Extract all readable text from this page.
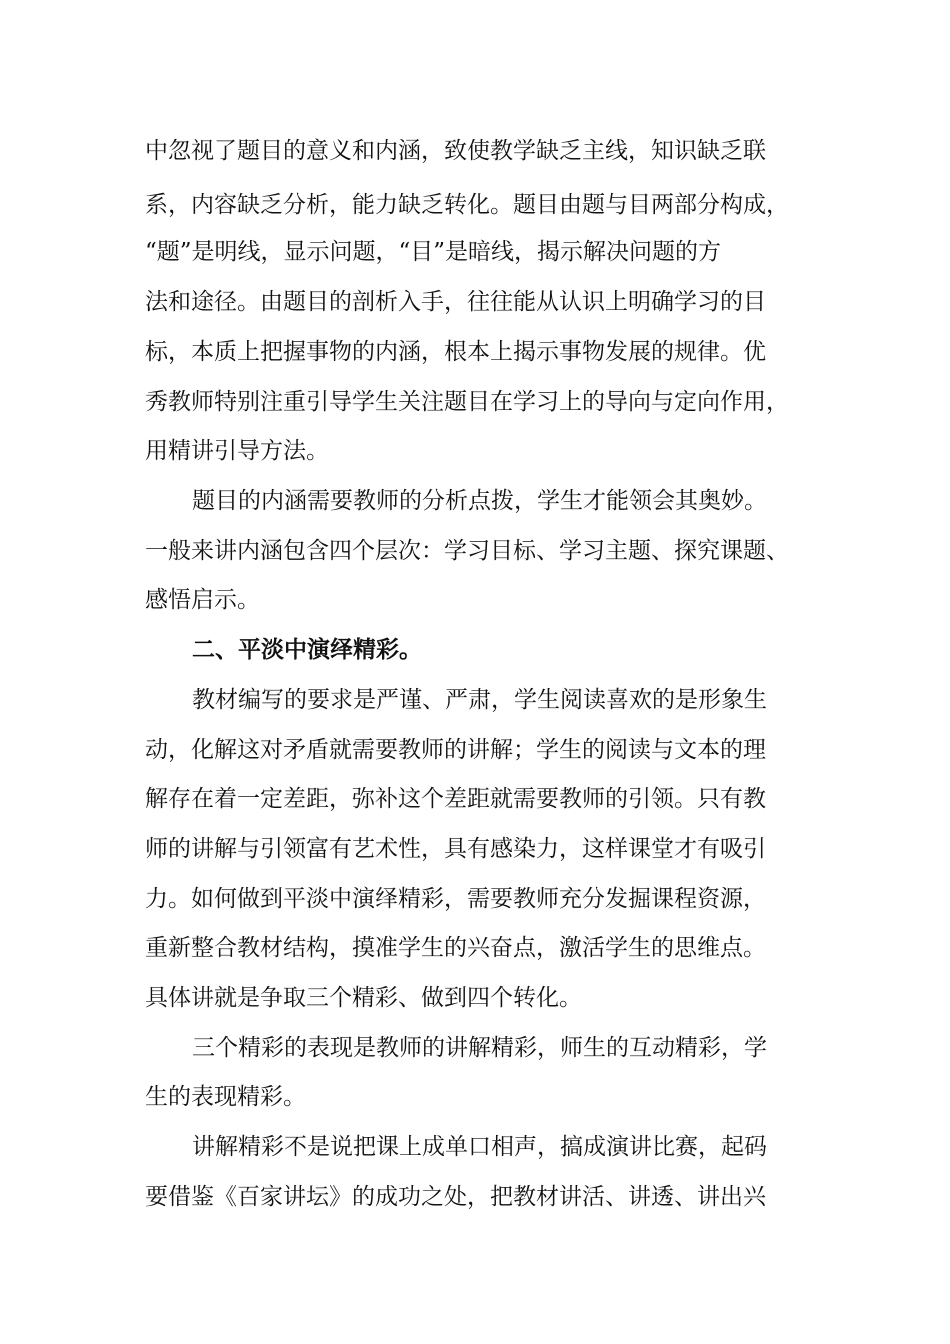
中忽视了题目的意义和内涵，致使教学缺乏主线，知识缺乏联
系，内容缺乏分析，能力缺乏转化。题目由题与目两部分构成，
“题”是明线，显示问题，“目”是暗线，揭示解决问题的方
法和途径。由题目的剖析入手，往往能从认识上明确学习的目
标，本质上把握事物的内涵，根本上揭示事物发展的规律。优
秀教师特别注重引导学生关注题目在学习上的导向与定向作用，
用精讲引导方法。
题目的内涵需要教师的分析点拨，学生才能领会其奥妙。
一般来讲内涵包含四个层次：学习目标、学习主题、探究课题、
感悟启示。
二、平淡中演绎精彩。
教材编写的要求是严谨、严肃，学生阅读喜欢的是形象生
动，化解这对矛盾就需要教师的讲解；学生的阅读与文本的理
解存在着一定差距，弥补这个差距就需要教师的引领。只有教
师的讲解与引领富有艺术性，具有感染力，这样课堂才有吸引
力。如何做到平淡中演绎精彩，需要教师充分发掘课程资源，
重新整合教材结构，摸准学生的兴奋点，激活学生的思维点。
具体讲就是争取三个精彩、做到四个转化。
三个精彩的表现是教师的讲解精彩，师生的互动精彩，学
生的表现精彩。
讲解精彩不是说把课上成单口相声，搞成演讲比赛，起码
要借鉴《百家讲坛》的成功之处，把教材讲活、讲透、讲出兴
